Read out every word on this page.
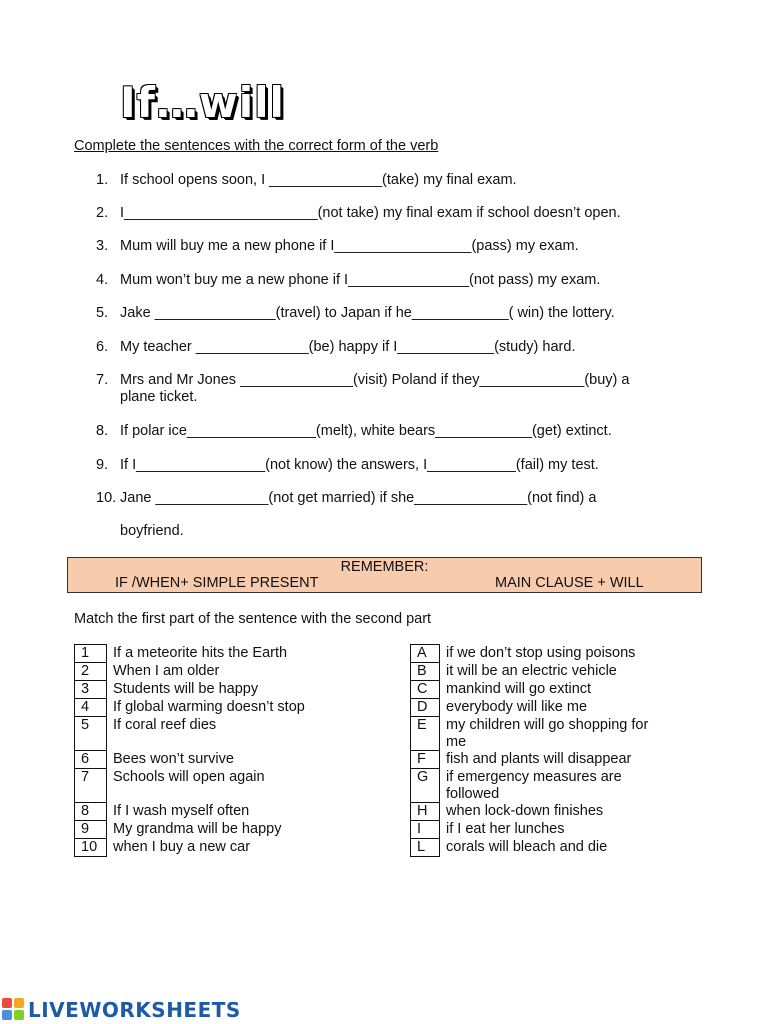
If…will
Complete the sentences with the correct form of the verb
1. If school opens soon, I ______________(take) my final exam.
2. I________________________(not take) my final exam if school doesn’t open.
3. Mum will buy me a new phone if I_________________(pass) my exam.
4. Mum won’t buy me a new phone if I_______________(not pass) my exam.
5. Jake _______________(travel) to Japan if he____________( win) the lottery.
6. My teacher ______________(be) happy if I____________(study) hard.
7. Mrs and Mr Jones ______________(visit) Poland if they_____________(buy) a
plane ticket.
8. If polar ice________________(melt), white bears____________(get) extinct.
9. If I________________(not know) the answers, I___________(fail) my test.
10. Jane ______________(not get married) if she______________(not find) a
boyfriend.
REMEMBER:
IF /WHEN+ SIMPLE PRESENT	MAIN CLAUSE + WILL
Match the first part of the sentence with the second part
1	If a meteorite hits the Earth

2	When I am older

3	Students will be happy

4	If global warming doesn’t stop

5	If coral reef dies

6	Bees won’t survive

7	Schools will open again

8	If I wash myself often

9	My grandma will be happy

10	when I buy a new car
A	if we don’t stop using poisons

B	it will be an electric vehicle

C	mankind will go extinct

D	everybody will like me

E	my children will go shopping for
me

F	fish and plants will disappear

G	if emergency measures are
followed

H	when lock-down finishes

I	if I eat her lunches

L	corals will bleach and die
LIVEWORKSHEETS
